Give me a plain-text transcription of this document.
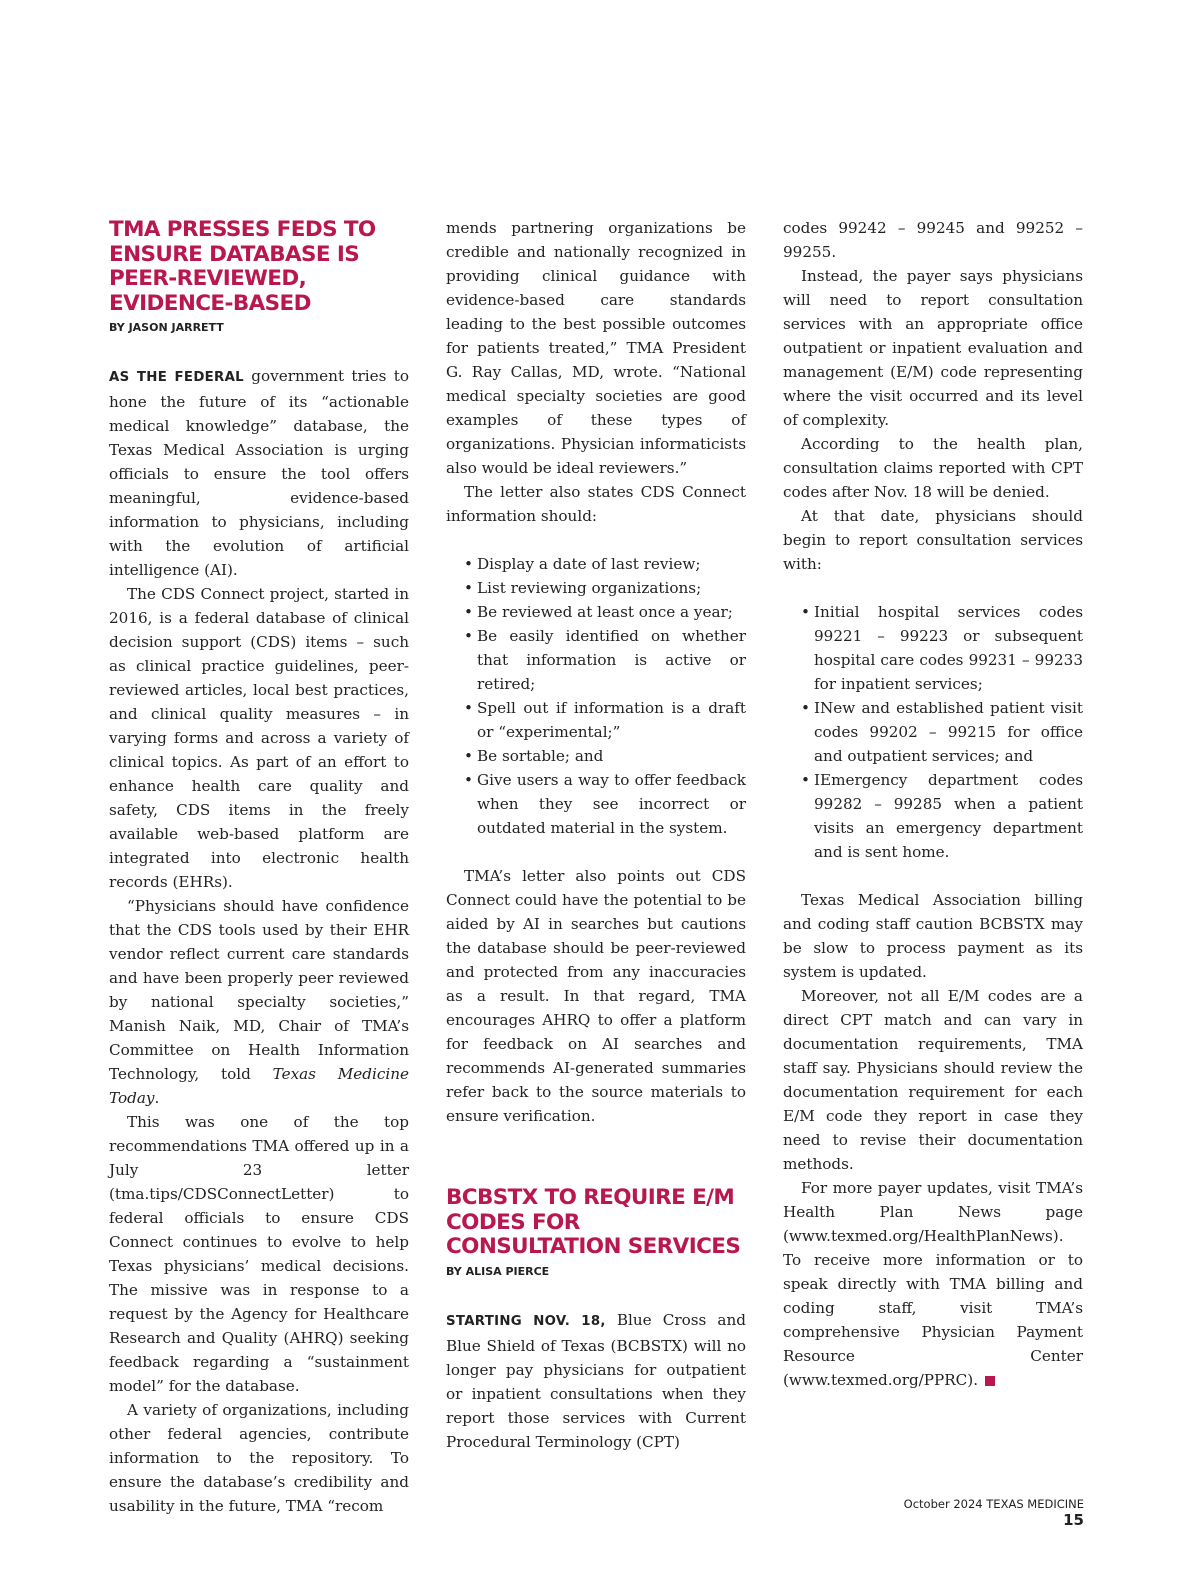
TMA PRESSES FEDS TO ENSURE DATABASE IS PEER-REVIEWED, EVIDENCE-BASED
BY JASON JARRETT

AS THE FEDERAL government tries to hone the future of its “actionable medical knowledge” database, the Texas Medical Association is urging officials to ensure the tool offers meaningful, evidence-based information to physicians, including with the evolution of artificial intelligence (AI).

The CDS Connect project, started in 2016, is a federal database of clinical decision support (CDS) items – such as clinical practice guidelines, peer-reviewed articles, local best practices, and clinical quality measures – in varying forms and across a variety of clinical topics. As part of an effort to enhance health care quality and safety, CDS items in the freely available web-based platform are integrated into electronic health records (EHRs).

“Physicians should have confidence that the CDS tools used by their EHR vendor reflect current care standards and have been properly peer reviewed by national specialty societies,” Manish Naik, MD, Chair of TMA’s Committee on Health Information Technology, told Texas Medicine Today.

This was one of the top recommendations TMA offered up in a July 23 letter (tma.tips/CDSConnectLetter) to federal officials to ensure CDS Connect continues to evolve to help Texas physicians’ medical decisions. The missive was in response to a request by the Agency for Healthcare Research and Quality (AHRQ) seeking feedback regarding a “sustainment model” for the database.

A variety of organizations, including other federal agencies, contribute information to the repository. To ensure the database’s credibility and usability in the future, TMA “recom

mends partnering organizations be credible and nationally recognized in providing clinical guidance with evidence-based care standards leading to the best possible outcomes for patients treated,” TMA President G. Ray Callas, MD, wrote. “National medical specialty societies are good examples of these types of organizations. Physician informaticists also would be ideal reviewers.”

The letter also states CDS Connect information should:

• Display a date of last review;
• List reviewing organizations;
• Be reviewed at least once a year;
• Be easily identified on whether that information is active or retired;
• Spell out if information is a draft or “experimental;”
• Be sortable; and
• Give users a way to offer feedback when they see incorrect or outdated material in the system.

TMA’s letter also points out CDS Connect could have the potential to be aided by AI in searches but cautions the database should be peer-reviewed and protected from any inaccuracies as a result. In that regard, TMA encourages AHRQ to offer a platform for feedback on AI searches and recommends AI-generated summaries refer back to the source materials to ensure verification.

BCBSTX TO REQUIRE E/M CODES FOR CONSULTATION SERVICES
BY ALISA PIERCE

STARTING NOV. 18, Blue Cross and Blue Shield of Texas (BCBSTX) will no longer pay physicians for outpatient or inpatient consultations when they report those services with Current Procedural Terminology (CPT)

codes 99242 – 99245 and 99252 – 99255.

Instead, the payer says physicians will need to report consultation services with an appropriate office outpatient or inpatient evaluation and management (E/M) code representing where the visit occurred and its level of complexity.

According to the health plan, consultation claims reported with CPT codes after Nov. 18 will be denied.

At that date, physicians should begin to report consultation services with:

• Initial hospital services codes 99221 – 99223 or subsequent hospital care codes 99231 – 99233 for inpatient services;
• INew and established patient visit codes 99202 – 99215 for office and outpatient services; and
• IEmergency department codes 99282 – 99285 when a patient visits an emergency department and is sent home.

Texas Medical Association billing and coding staff caution BCBSTX may be slow to process payment as its system is updated.

Moreover, not all E/M codes are a direct CPT match and can vary in documentation requirements, TMA staff say. Physicians should review the documentation requirement for each E/M code they report in case they need to revise their documentation methods.

For more payer updates, visit TMA’s Health Plan News page (www.texmed.org/HealthPlanNews). To receive more information or to speak directly with TMA billing and coding staff, visit TMA’s comprehensive Physician Payment Resource Center (www.texmed.org/PPRC).

October 2024 TEXAS MEDICINE 15
